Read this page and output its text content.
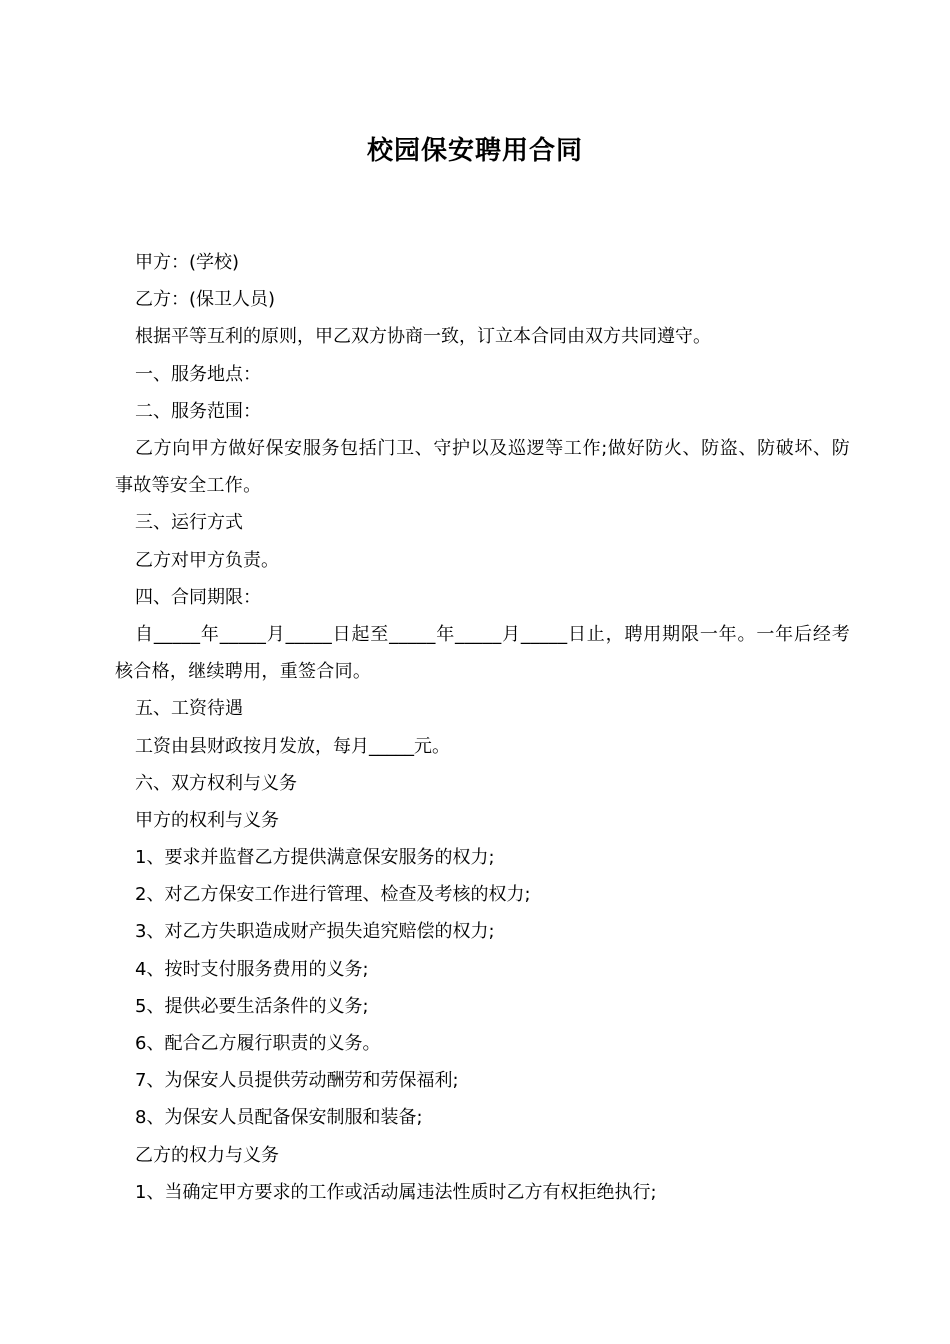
校园保安聘用合同
甲方：(学校)
乙方：(保卫人员)
根据平等互利的原则，甲乙双方协商一致，订立本合同由双方共同遵守。
一、服务地点：
二、服务范围：
乙方向甲方做好保安服务包括门卫、守护以及巡逻等工作;做好防火、防盗、防破坏、防事故等安全工作。
三、运行方式
乙方对甲方负责。
四、合同期限：
自_____年_____月_____日起至_____年_____月_____日止，聘用期限一年。一年后经考核合格，继续聘用，重签合同。
五、工资待遇
工资由县财政按月发放，每月_____元。
六、双方权利与义务
甲方的权利与义务
1、要求并监督乙方提供满意保安服务的权力;
2、对乙方保安工作进行管理、检查及考核的权力;
3、对乙方失职造成财产损失追究赔偿的权力;
4、按时支付服务费用的义务;
5、提供必要生活条件的义务;
6、配合乙方履行职责的义务。
7、为保安人员提供劳动酬劳和劳保福利;
8、为保安人员配备保安制服和装备;
乙方的权力与义务
1、当确定甲方要求的工作或活动属违法性质时乙方有权拒绝执行;
